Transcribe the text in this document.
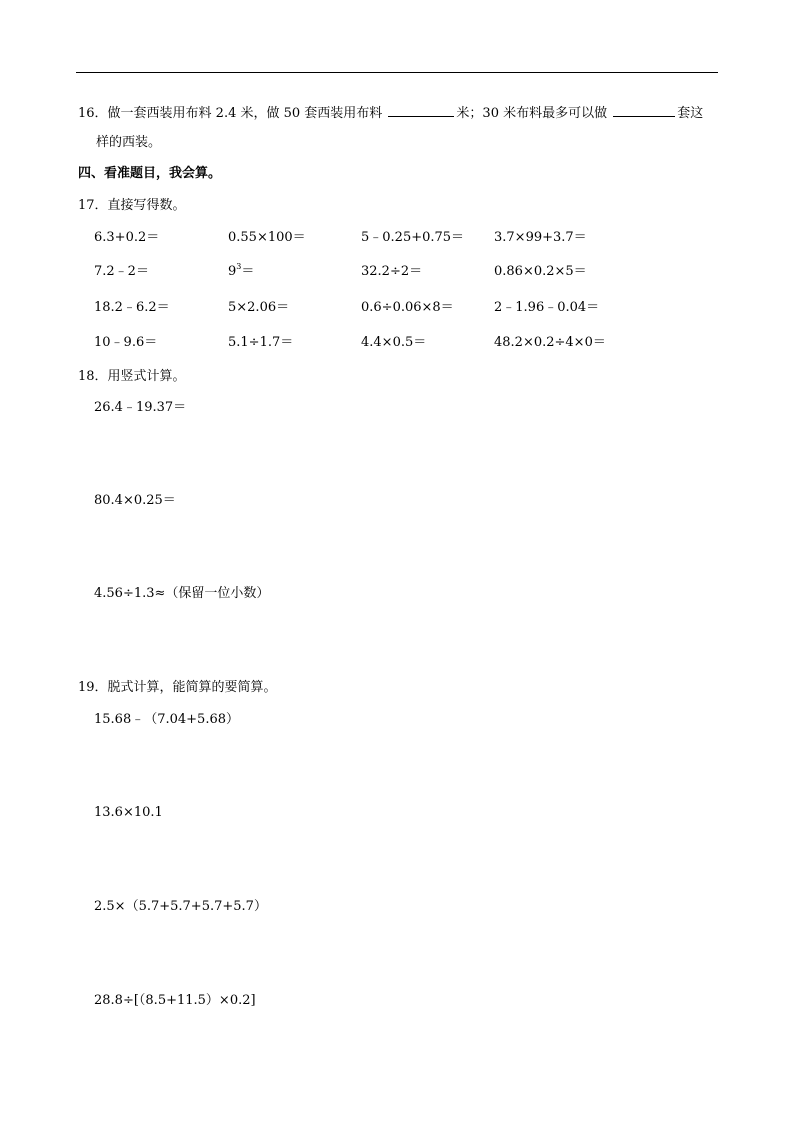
16．做一套西装用布料 2.4 米，做 50 套西装用布料	米；30 米布料最多可以做	套这
样的西装。
四、看准题目，我会算。
17．直接写得数。
6.3+0.2＝	0.55×100＝	5﹣0.25+0.75＝ 3.7×99+3.7＝
7.2﹣2＝	$9^3=$	32.2÷2＝	0.86×0.2×5＝
18.2﹣6.2＝	5×2.06＝	0.6÷0.06×8＝	2﹣1.96﹣0.04＝
10﹣9.6＝	5.1÷1.7＝	4.4×0.5＝	48.2×0.2÷4×0＝
18．用竖式计算。
26.4﹣19.37＝
80.4×0.25＝
4.56÷1.3≈（保留一位小数）
19．脱式计算，能简算的要简算。
15.68﹣（7.04+5.68）
13.6×10.1
2.5×（5.7+5.7+5.7+5.7）
28.8÷[（8.5+11.5）×0.2]
